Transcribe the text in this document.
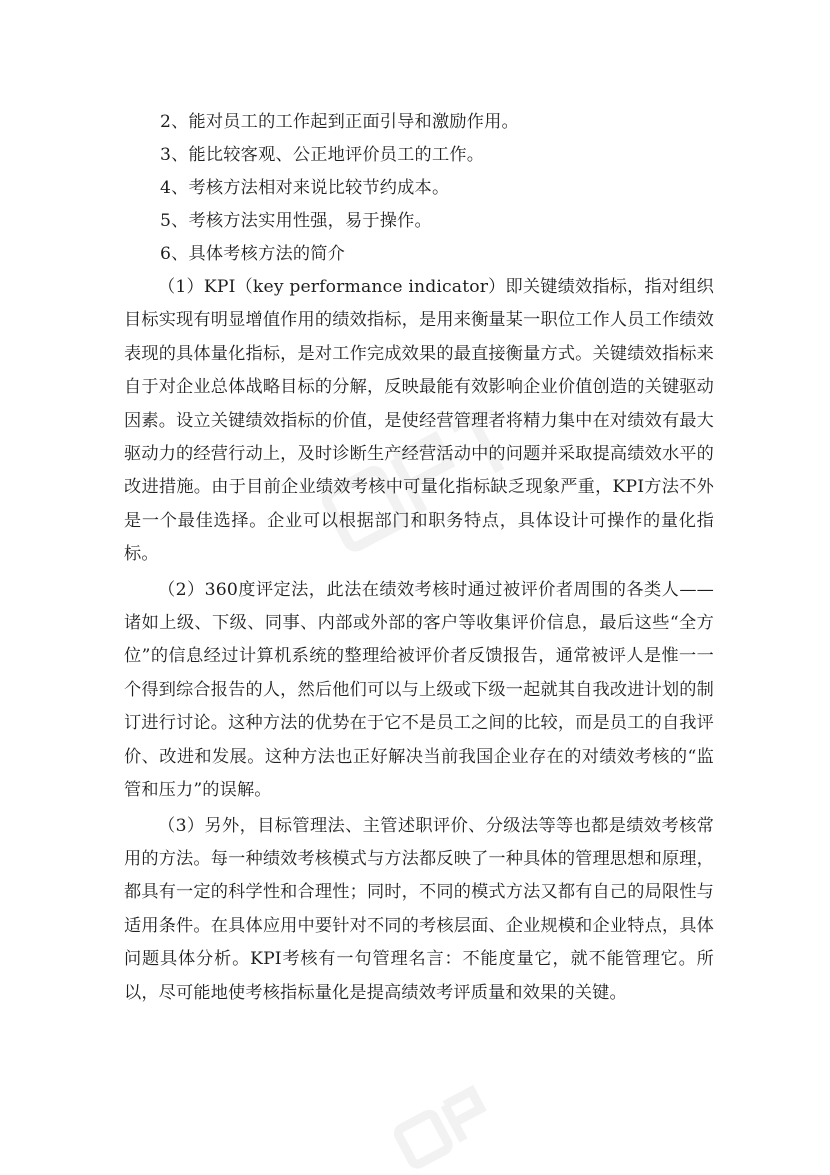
2、能对员工的工作起到正面引导和激励作用。

3、能比较客观、公正地评价员工的工作。

4、考核方法相对来说比较节约成本。

5、考核方法实用性强，易于操作。

6、具体考核方法的简介

（1）KPI（key performance indicator）即关键绩效指标，指对组织目标实现有明显增值作用的绩效指标，是用来衡量某一职位工作人员工作绩效表现的具体量化指标，是对工作完成效果的最直接衡量方式。关键绩效指标来自于对企业总体战略目标的分解，反映最能有效影响企业价值创造的关键驱动因素。设立关键绩效指标的价值，是使经营管理者将精力集中在对绩效有最大驱动力的经营行动上，及时诊断生产经营活动中的问题并采取提高绩效水平的改进措施。由于目前企业绩效考核中可量化指标缺乏现象严重，KPI方法不外是一个最佳选择。企业可以根据部门和职务特点，具体设计可操作的量化指标。

（2）360度评定法，此法在绩效考核时通过被评价者周围的各类人——诸如上级、下级、同事、内部或外部的客户等收集评价信息，最后这些“全方位”的信息经过计算机系统的整理给被评价者反馈报告，通常被评人是惟一一个得到综合报告的人，然后他们可以与上级或下级一起就其自我改进计划的制订进行讨论。这种方法的优势在于它不是员工之间的比较，而是员工的自我评价、改进和发展。这种方法也正好解决当前我国企业存在的对绩效考核的“监管和压力”的误解。

（3）另外，目标管理法、主管述职评价、分级法等等也都是绩效考核常用的方法。每一种绩效考核模式与方法都反映了一种具体的管理思想和原理，都具有一定的科学性和合理性；同时，不同的模式方法又都有自己的局限性与适用条件。在具体应用中要针对不同的考核层面、企业规模和企业特点，具体问题具体分析。KPI考核有一句管理名言：不能度量它，就不能管理它。所以，尽可能地使考核指标量化是提高绩效考评质量和效果的关键。
